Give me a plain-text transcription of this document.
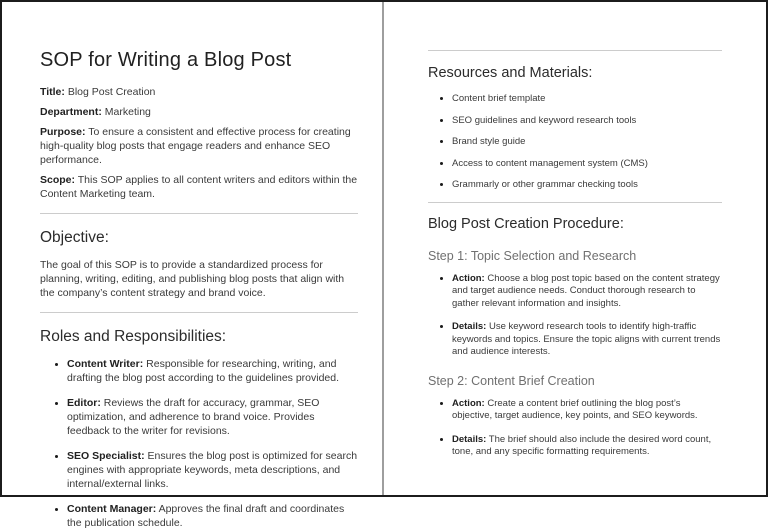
SOP for Writing a Blog Post

Title: Blog Post Creation

Department: Marketing

Purpose: To ensure a consistent and effective process for creating high-quality blog posts that engage readers and enhance SEO performance.

Scope: This SOP applies to all content writers and editors within the Content Marketing team.

Objective:

The goal of this SOP is to provide a standardized process for planning, writing, editing, and publishing blog posts that align with the company’s content strategy and brand voice.

Roles and Responsibilities:
• Content Writer: Responsible for researching, writing, and drafting the blog post according to the guidelines provided.
• Editor: Reviews the draft for accuracy, grammar, SEO optimization, and adherence to brand voice. Provides feedback to the writer for revisions.
• SEO Specialist: Ensures the blog post is optimized for search engines with appropriate keywords, meta descriptions, and internal/external links.
• Content Manager: Approves the final draft and coordinates the publication schedule.
Resources and Materials:
• Content brief template
• SEO guidelines and keyword research tools
• Brand style guide
• Access to content management system (CMS)
• Grammarly or other grammar checking tools
Blog Post Creation Procedure:
Step 1: Topic Selection and Research
• Action: Choose a blog post topic based on the content strategy and target audience needs. Conduct thorough research to gather relevant information and insights.
• Details: Use keyword research tools to identify high-traffic keywords and topics. Ensure the topic aligns with current trends and audience interests.
Step 2: Content Brief Creation
• Action: Create a content brief outlining the blog post’s objective, target audience, key points, and SEO keywords.
• Details: The brief should also include the desired word count, tone, and any specific formatting requirements.
